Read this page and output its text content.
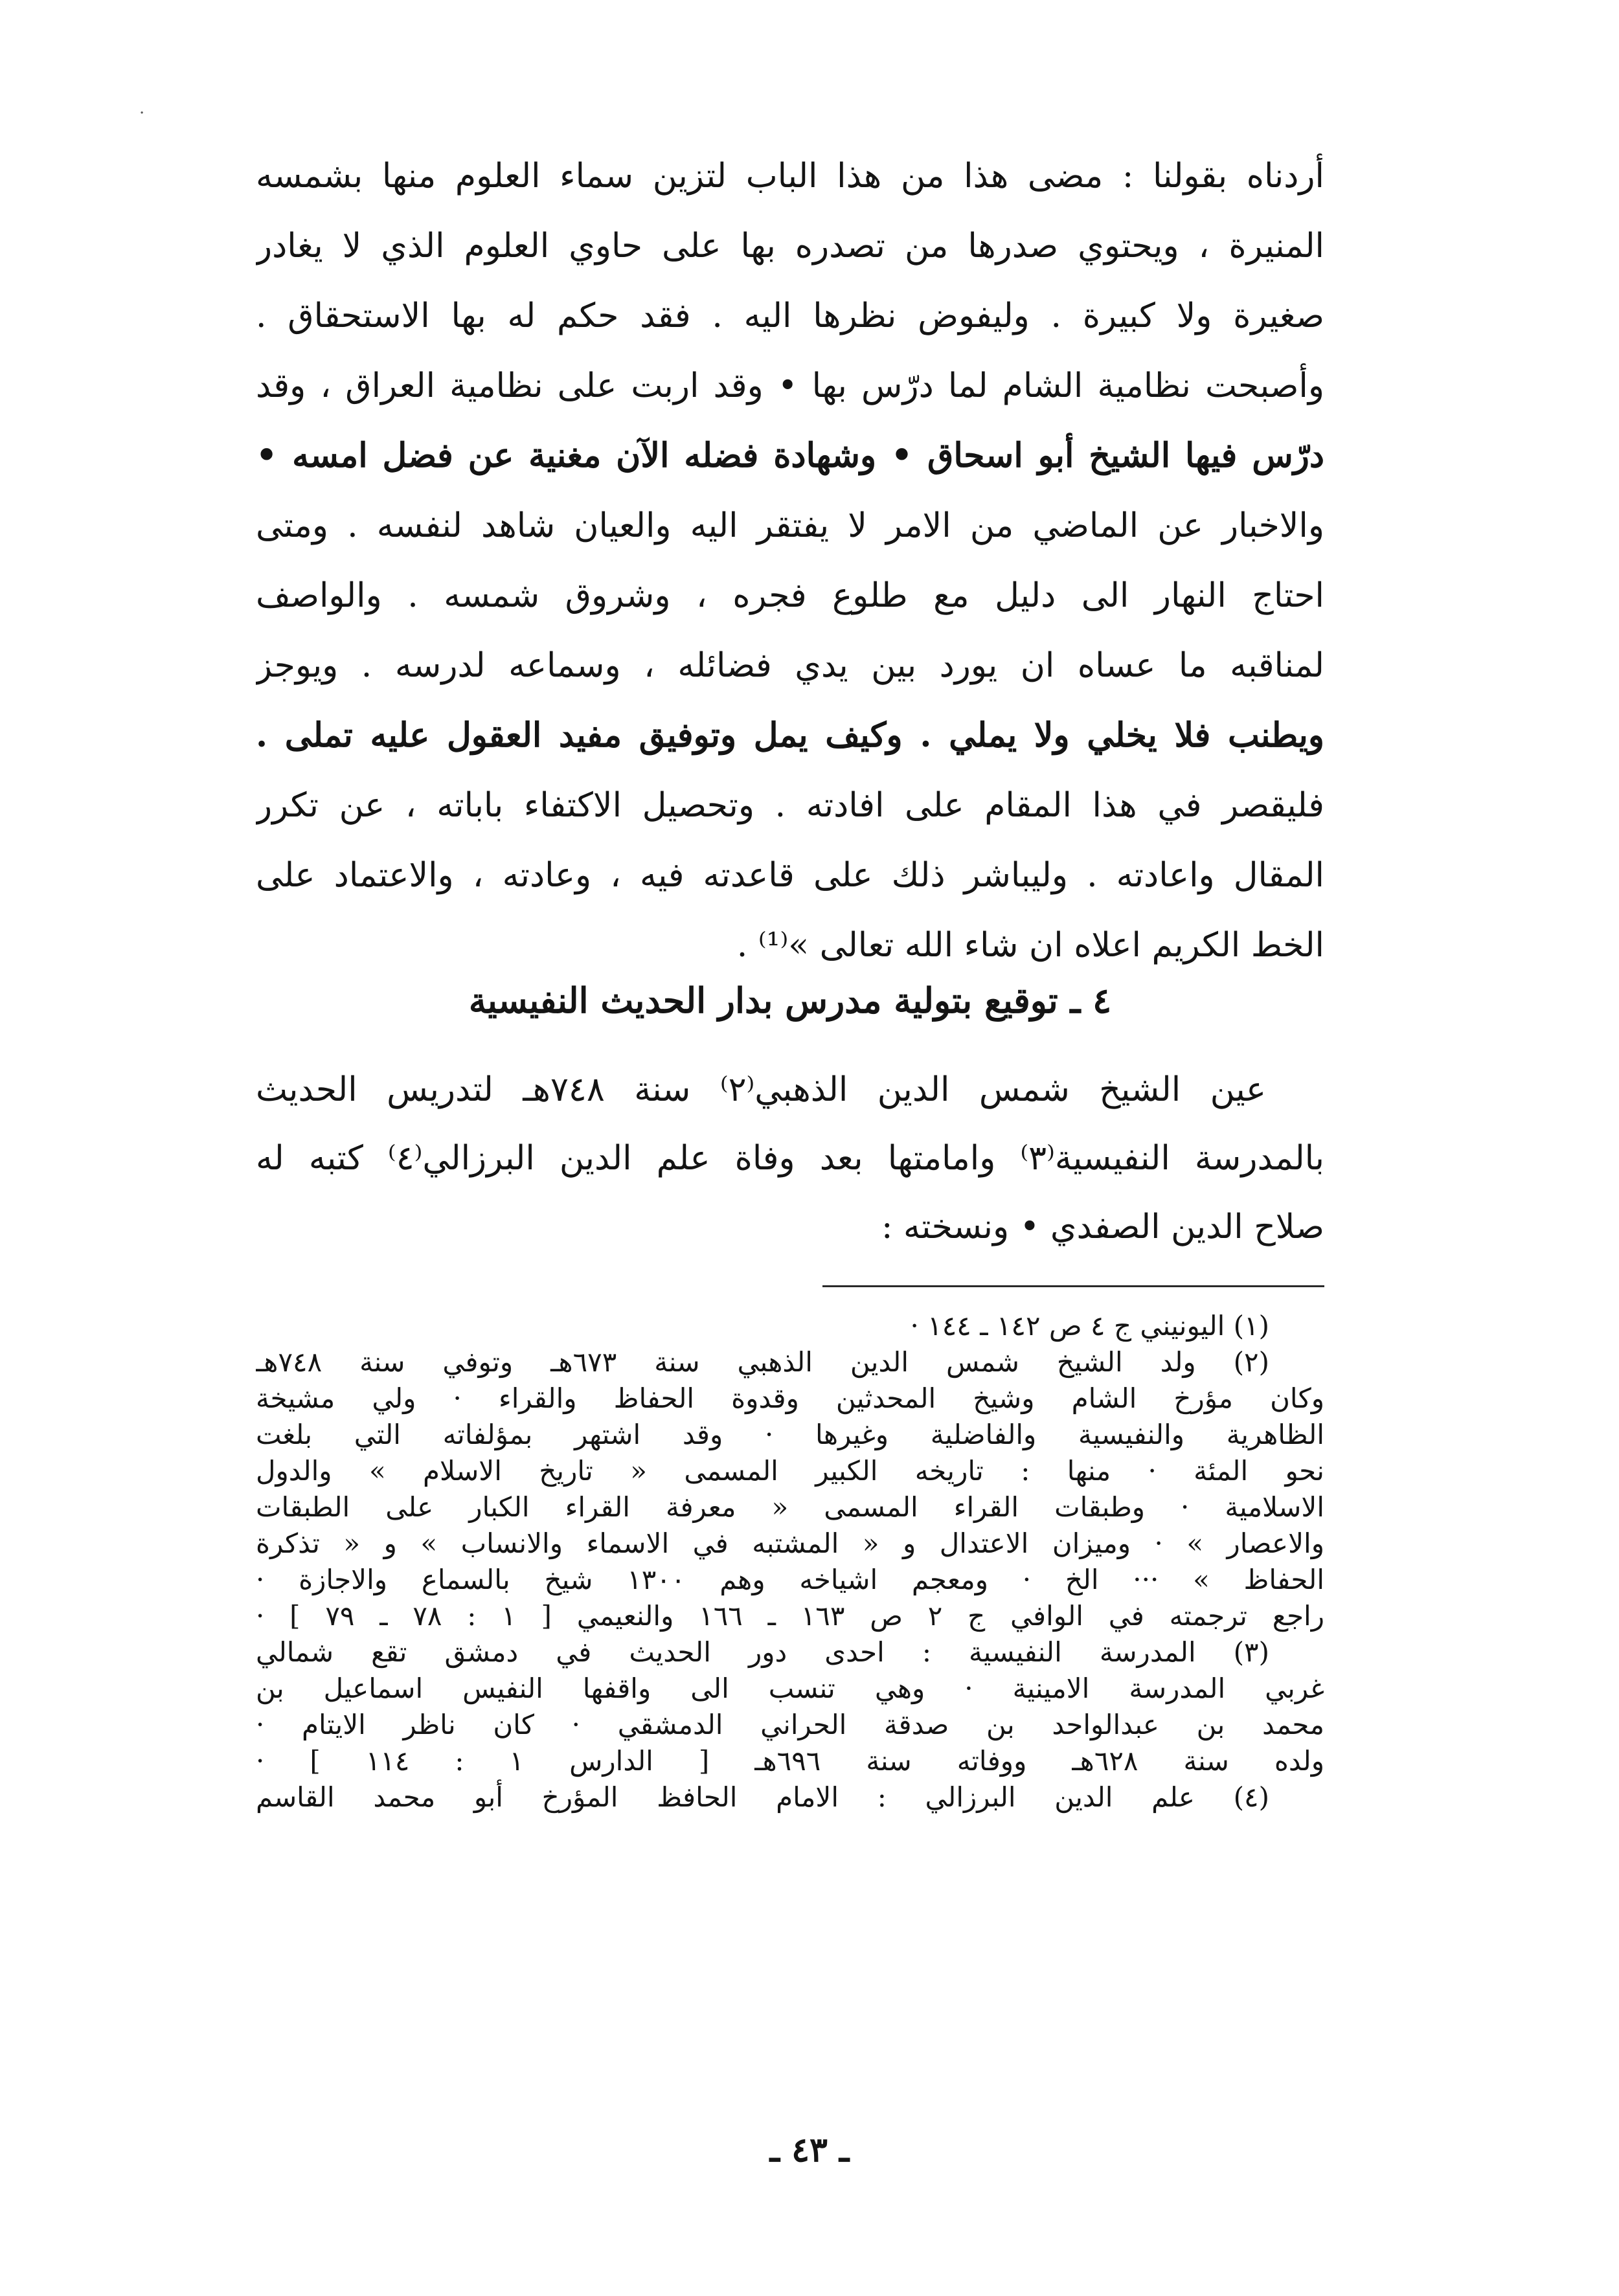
·
أردناه بقولنا : مضى هذا من هذا الباب لتزين سماء العلوم منها بشمسه
المنيرة ، ويحتوي صدرها من تصدره بها على حاوي العلوم الذي لا يغادر
صغيرة ولا كبيرة . وليفوض نظرها اليه . فقد حكم له بها الاستحقاق .
وأصبحت نظامية الشام لما درّس بها • وقد اربت على نظامية العراق ، وقد
درّس فيها الشيخ أبو اسحاق • وشهادة فضله الآن مغنية عن فضل امسه •
والاخبار عن الماضي من الامر لا يفتقر اليه والعيان شاهد لنفسه . ومتى
احتاج النهار الى دليل مع طلوع فجره ، وشروق شمسه . والواصف
لمناقبه ما عساه ان يورد بين يدي فضائله ، وسماعه لدرسه . ويوجز
ويطنب فلا يخلي ولا يملي . وكيف يمل وتوفيق مفيد العقول عليه تملى .
فليقصر في هذا المقام على افادته . وتحصيل الاكتفاء باباته ، عن تكرر
المقال واعادته . وليباشر ذلك على قاعدته فيه ، وعادته ، والاعتماد على
الخط الكريم اعلاه ان شاء الله تعالى »⁽¹⁾ .
٤ ـ توقيع بتولية مدرس بدار الحديث النفيسية
عين الشيخ شمس الدين الذهبي⁽٢⁾ سنة ٧٤٨هـ لتدريس الحديث
بالمدرسة النفيسية⁽٣⁾ وامامتها بعد وفاة علم الدين البرزالي⁽٤⁾ كتبه له
صلاح الدين الصفدي • ونسخته :
(١) اليونيني ج ٤ ص ١٤٢ ـ ١٤٤ ·
(٢) ولد الشيخ شمس الدين الذهبي سنة ٦٧٣هـ وتوفي سنة ٧٤٨هـ
وكان مؤرخ الشام وشيخ المحدثين وقدوة الحفاظ والقراء · ولي مشيخة
الظاهرية والنفيسية والفاضلية وغيرها · وقد اشتهر بمؤلفاته التي بلغت
نحو المئة · منها : تاريخه الكبير المسمى « تاريخ الاسلام » والدول
الاسلامية · وطبقات القراء المسمى « معرفة القراء الكبار على الطبقات
والاعصار » · وميزان الاعتدال و « المشتبه في الاسماء والانساب » و « تذكرة
الحفاظ » ··· الخ · ومعجم اشياخه وهم ١٣٠٠ شيخ بالسماع والاجازة ·
راجع ترجمته في الوافي ج ٢ ص ١٦٣ ـ ١٦٦ والنعيمي [ ١ : ٧٨ ـ ٧٩ ] ·
(٣) المدرسة النفيسية : احدى دور الحديث في دمشق تقع شمالي
غربي المدرسة الامينية · وهي تنسب الى واقفها النفيس اسماعيل بن
محمد بن عبدالواحد بن صدقة الحراني الدمشقي · كان ناظر الايتام ·
ولده سنة ٦٢٨هـ ووفاته سنة ٦٩٦هـ [ الدارس ١ : ١١٤ ] ·
(٤) علم الدين البرزالي : الامام الحافظ المؤرخ أبو محمد القاسم
ـ ٤٣ ـ
